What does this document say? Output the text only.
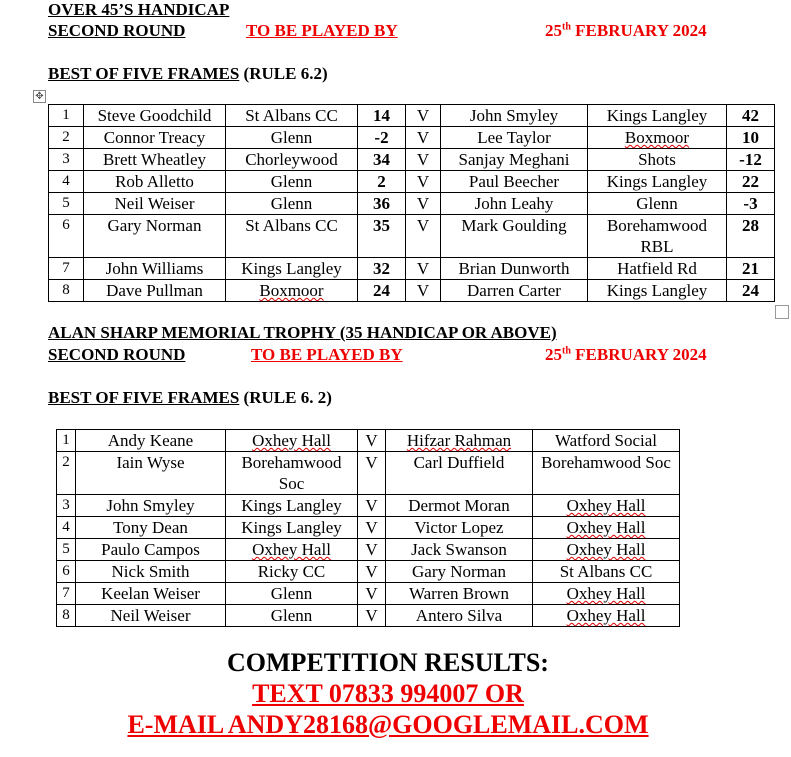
OVER 45’S HANDICAP
SECOND ROUND	TO BE PLAYED BY	25th FEBRUARY 2024
BEST OF FIVE FRAMES (RULE 6.2)
✥
1	Steve Goodchild	St Albans CC	14	V	John Smyley	Kings Langley	42
2	Connor Treacy	Glenn	-2	V	Lee Taylor	Boxmoor	10
3	Brett Wheatley	Chorleywood	34	V	Sanjay Meghani	Shots	-12
4	Rob Alletto	Glenn	2	V	Paul Beecher	Kings Langley	22
5	Neil Weiser	Glenn	36	V	John Leahy	Glenn	-3
6	Gary Norman	St Albans CC	35	V	Mark Goulding	Borehamwood RBL	28
7	John Williams	Kings Langley	32	V	Brian Dunworth	Hatfield Rd	21
8	Dave Pullman	Boxmoor	24	V	Darren Carter	Kings Langley	24
ALAN SHARP MEMORIAL TROPHY (35 HANDICAP OR ABOVE)
SECOND ROUND	TO BE PLAYED BY	25th FEBRUARY 2024
BEST OF FIVE FRAMES (RULE 6. 2)
1	Andy Keane	Oxhey Hall	V	Hifzar Rahman	Watford Social
2	Iain Wyse	Borehamwood Soc	V	Carl Duffield	Borehamwood Soc
3	John Smyley	Kings Langley	V	Dermot Moran	Oxhey Hall
4	Tony Dean	Kings Langley	V	Victor Lopez	Oxhey Hall
5	Paulo Campos	Oxhey Hall	V	Jack Swanson	Oxhey Hall
6	Nick Smith	Ricky CC	V	Gary Norman	St Albans CC
7	Keelan Weiser	Glenn	V	Warren Brown	Oxhey Hall
8	Neil Weiser	Glenn	V	Antero Silva	Oxhey Hall
COMPETITION RESULTS:
TEXT 07833 994007 OR
E-MAIL ANDY28168@GOOGLEMAIL.COM
